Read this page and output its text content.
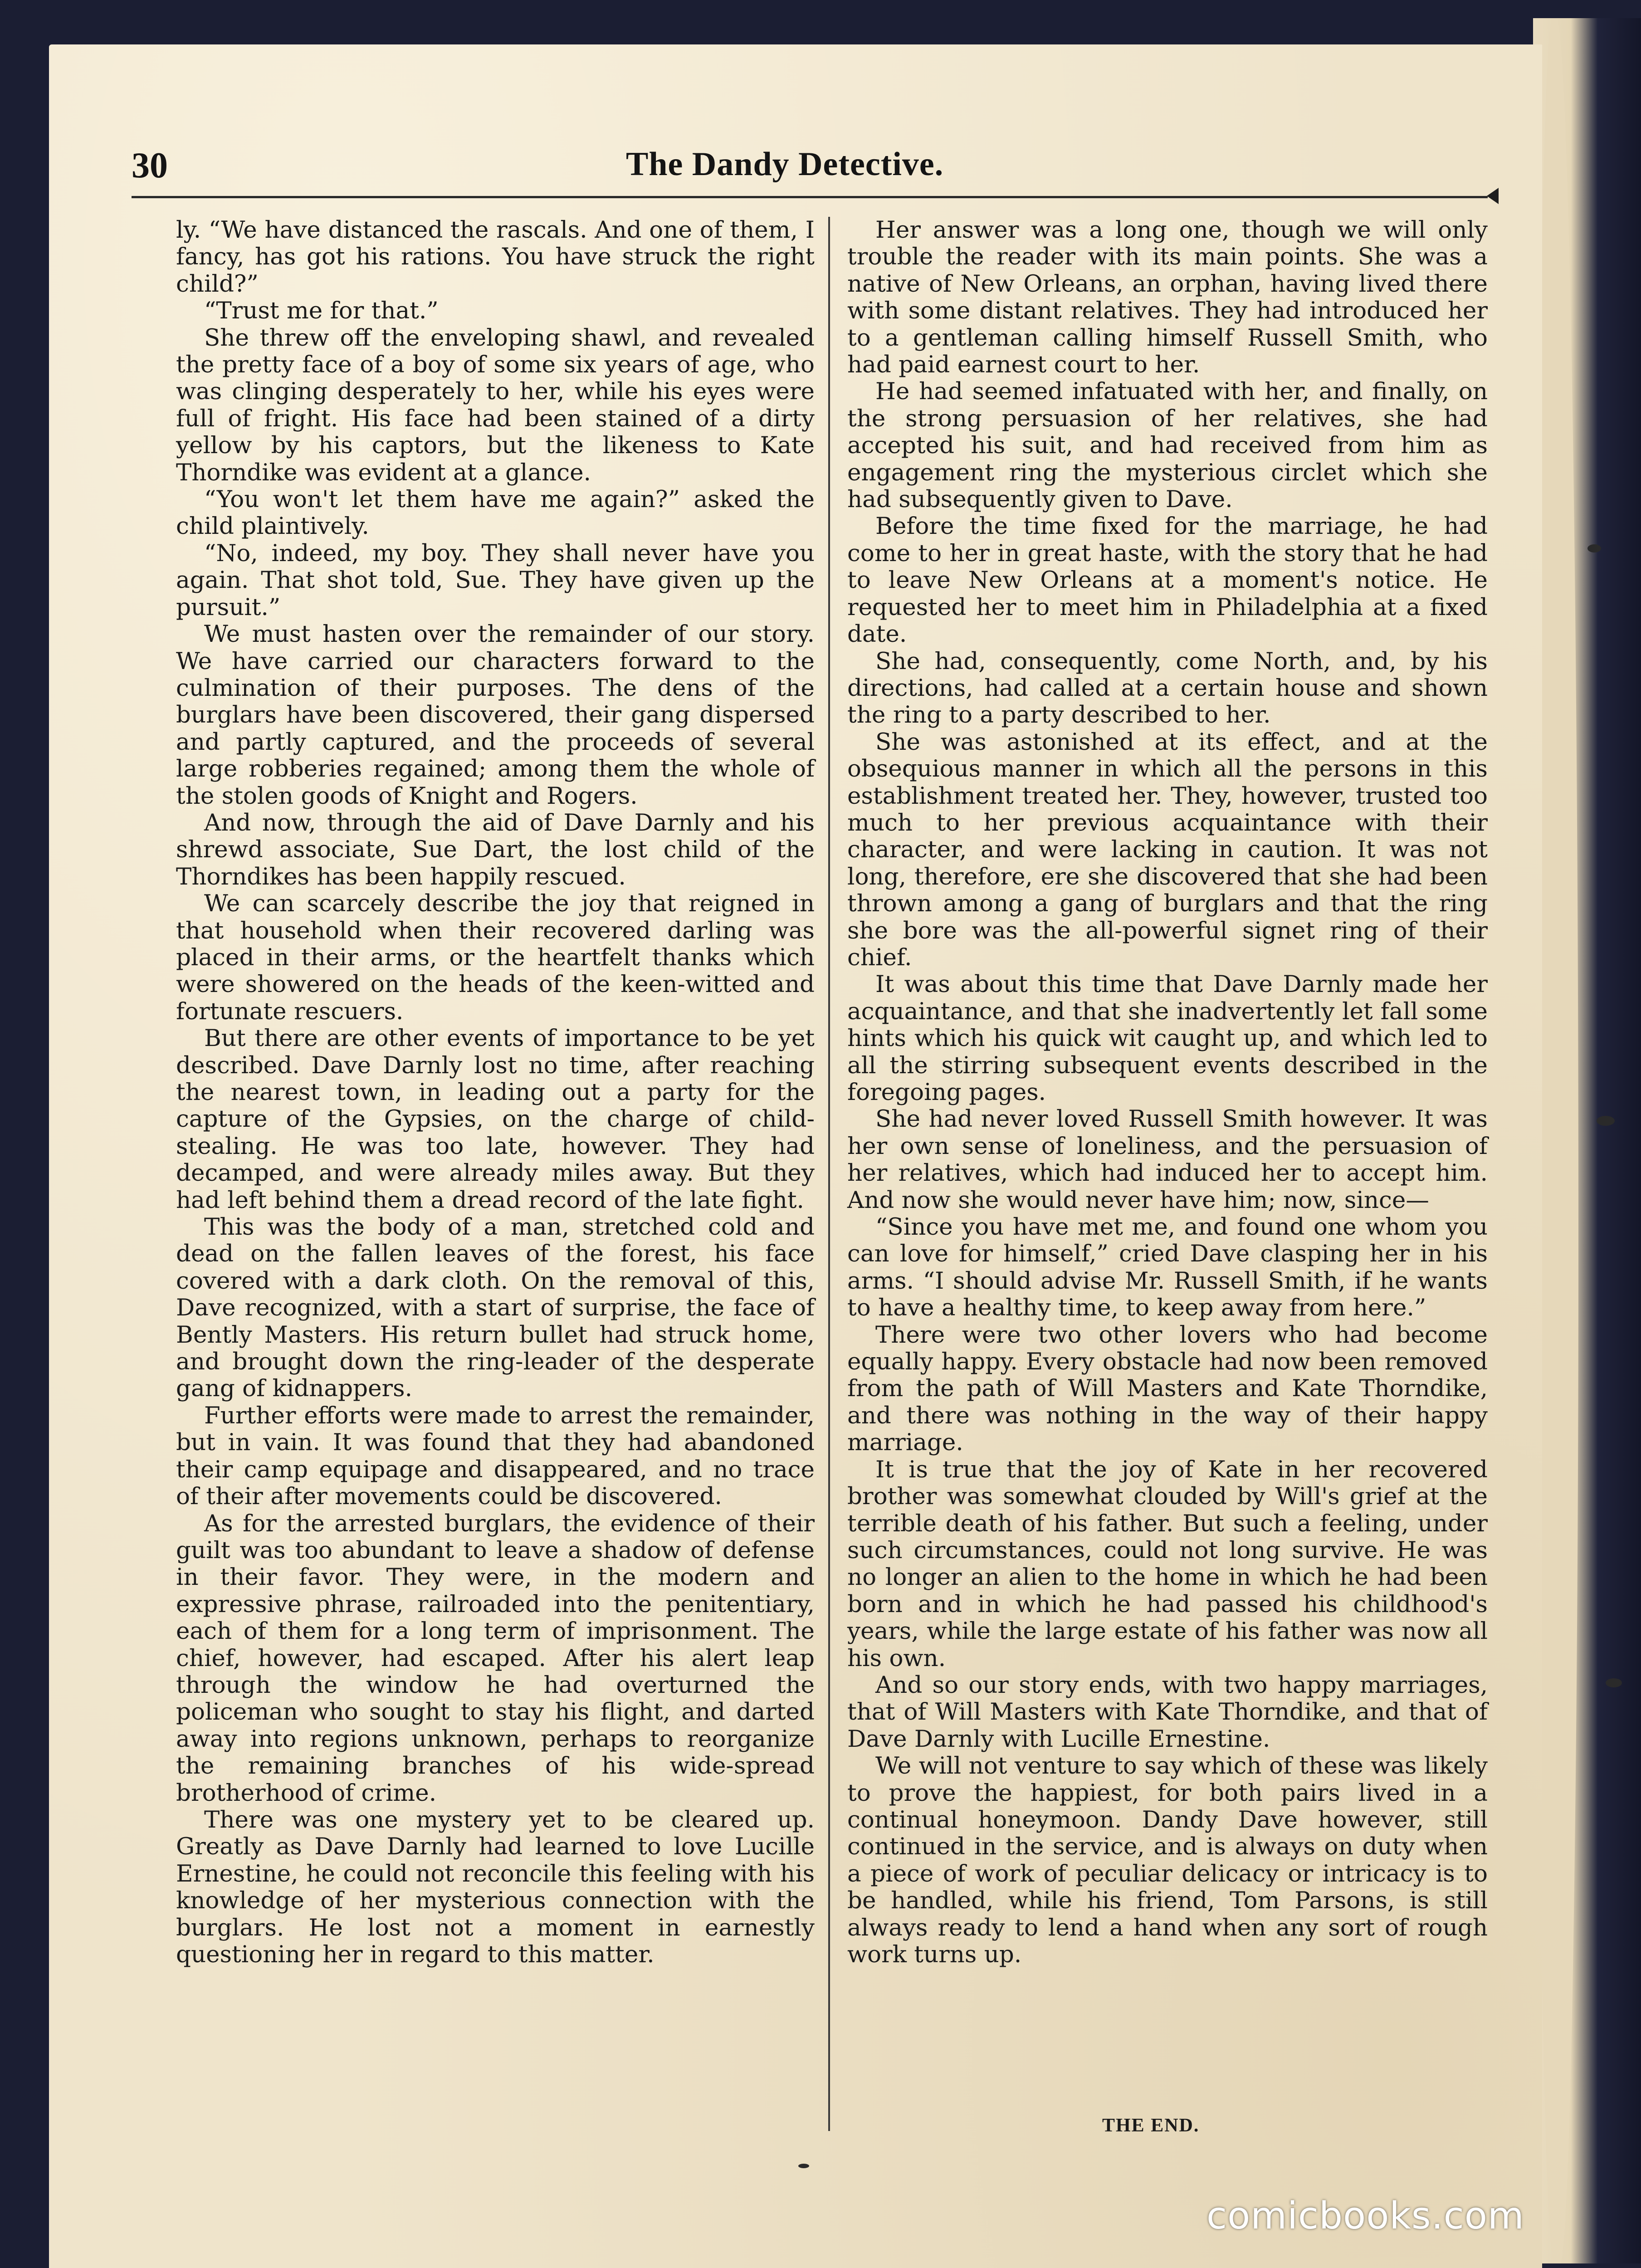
30	The Dandy Detective.

ly. “We have distanced the rascals. And one of them, I fancy, has got his rations. You have struck the right child?”

“Trust me for that.”

She threw off the enveloping shawl, and revealed the pretty face of a boy of some six years of age, who was clinging desperately to her, while his eyes were full of fright. His face had been stained of a dirty yellow by his captors, but the likeness to Kate Thorndike was evident at a glance.

“You won't let them have me again?” asked the child plaintively.

“No, indeed, my boy. They shall never have you again. That shot told, Sue. They have given up the pursuit.”

We must hasten over the remainder of our story. We have carried our characters forward to the culmination of their purposes. The dens of the burglars have been discovered, their gang dispersed and partly captured, and the proceeds of several large robberies regained; among them the whole of the stolen goods of Knight and Rogers.

And now, through the aid of Dave Darnly and his shrewd associate, Sue Dart, the lost child of the Thorndikes has been happily rescued.

We can scarcely describe the joy that reigned in that household when their recovered darling was placed in their arms, or the heartfelt thanks which were showered on the heads of the keen-witted and fortunate rescuers.

But there are other events of importance to be yet described. Dave Darnly lost no time, after reaching the nearest town, in leading out a party for the capture of the Gypsies, on the charge of child-stealing. He was too late, however. They had decamped, and were already miles away. But they had left behind them a dread record of the late fight.

This was the body of a man, stretched cold and dead on the fallen leaves of the forest, his face covered with a dark cloth. On the removal of this, Dave recognized, with a start of surprise, the face of Bently Masters. His return bullet had struck home, and brought down the ring-leader of the desperate gang of kidnappers.

Further efforts were made to arrest the remainder, but in vain. It was found that they had abandoned their camp equipage and disappeared, and no trace of their after movements could be discovered.

As for the arrested burglars, the evidence of their guilt was too abundant to leave a shadow of defense in their favor. They were, in the modern and expressive phrase, railroaded into the penitentiary, each of them for a long term of imprisonment. The chief, however, had escaped. After his alert leap through the window he had overturned the policeman who sought to stay his flight, and darted away into regions unknown, perhaps to reorganize the remaining branches of his wide-spread brotherhood of crime.

There was one mystery yet to be cleared up. Greatly as Dave Darnly had learned to love Lucille Ernestine, he could not reconcile this feeling with his knowledge of her mysterious connection with the burglars. He lost not a moment in earnestly questioning her in regard to this matter.

Her answer was a long one, though we will only trouble the reader with its main points. She was a native of New Orleans, an orphan, having lived there with some distant relatives. They had introduced her to a gentleman calling himself Russell Smith, who had paid earnest court to her.

He had seemed infatuated with her, and finally, on the strong persuasion of her relatives, she had accepted his suit, and had received from him as engagement ring the mysterious circlet which she had subsequently given to Dave.

Before the time fixed for the marriage, he had come to her in great haste, with the story that he had to leave New Orleans at a moment's notice. He requested her to meet him in Philadelphia at a fixed date.

She had, consequently, come North, and, by his directions, had called at a certain house and shown the ring to a party described to her.

She was astonished at its effect, and at the obsequious manner in which all the persons in this establishment treated her. They, however, trusted too much to her previous acquaintance with their character, and were lacking in caution. It was not long, therefore, ere she discovered that she had been thrown among a gang of burglars and that the ring she bore was the all-powerful signet ring of their chief.

It was about this time that Dave Darnly made her acquaintance, and that she inadvertently let fall some hints which his quick wit caught up, and which led to all the stirring subsequent events described in the foregoing pages.

She had never loved Russell Smith however. It was her own sense of loneliness, and the persuasion of her relatives, which had induced her to accept him. And now she would never have him; now, since—

“Since you have met me, and found one whom you can love for himself,” cried Dave clasping her in his arms. “I should advise Mr. Russell Smith, if he wants to have a healthy time, to keep away from here.”

There were two other lovers who had become equally happy. Every obstacle had now been removed from the path of Will Masters and Kate Thorndike, and there was nothing in the way of their happy marriage.

It is true that the joy of Kate in her recovered brother was somewhat clouded by Will's grief at the terrible death of his father. But such a feeling, under such circumstances, could not long survive. He was no longer an alien to the home in which he had been born and in which he had passed his childhood's years, while the large estate of his father was now all his own.

And so our story ends, with two happy marriages, that of Will Masters with Kate Thorndike, and that of Dave Darnly with Lucille Ernestine.

We will not venture to say which of these was likely to prove the happiest, for both pairs lived in a continual honeymoon. Dandy Dave however, still continued in the service, and is always on duty when a piece of work of peculiar delicacy or intricacy is to be handled, while his friend, Tom Parsons, is still always ready to lend a hand when any sort of rough work turns up.

THE END.

comicbooks.com
